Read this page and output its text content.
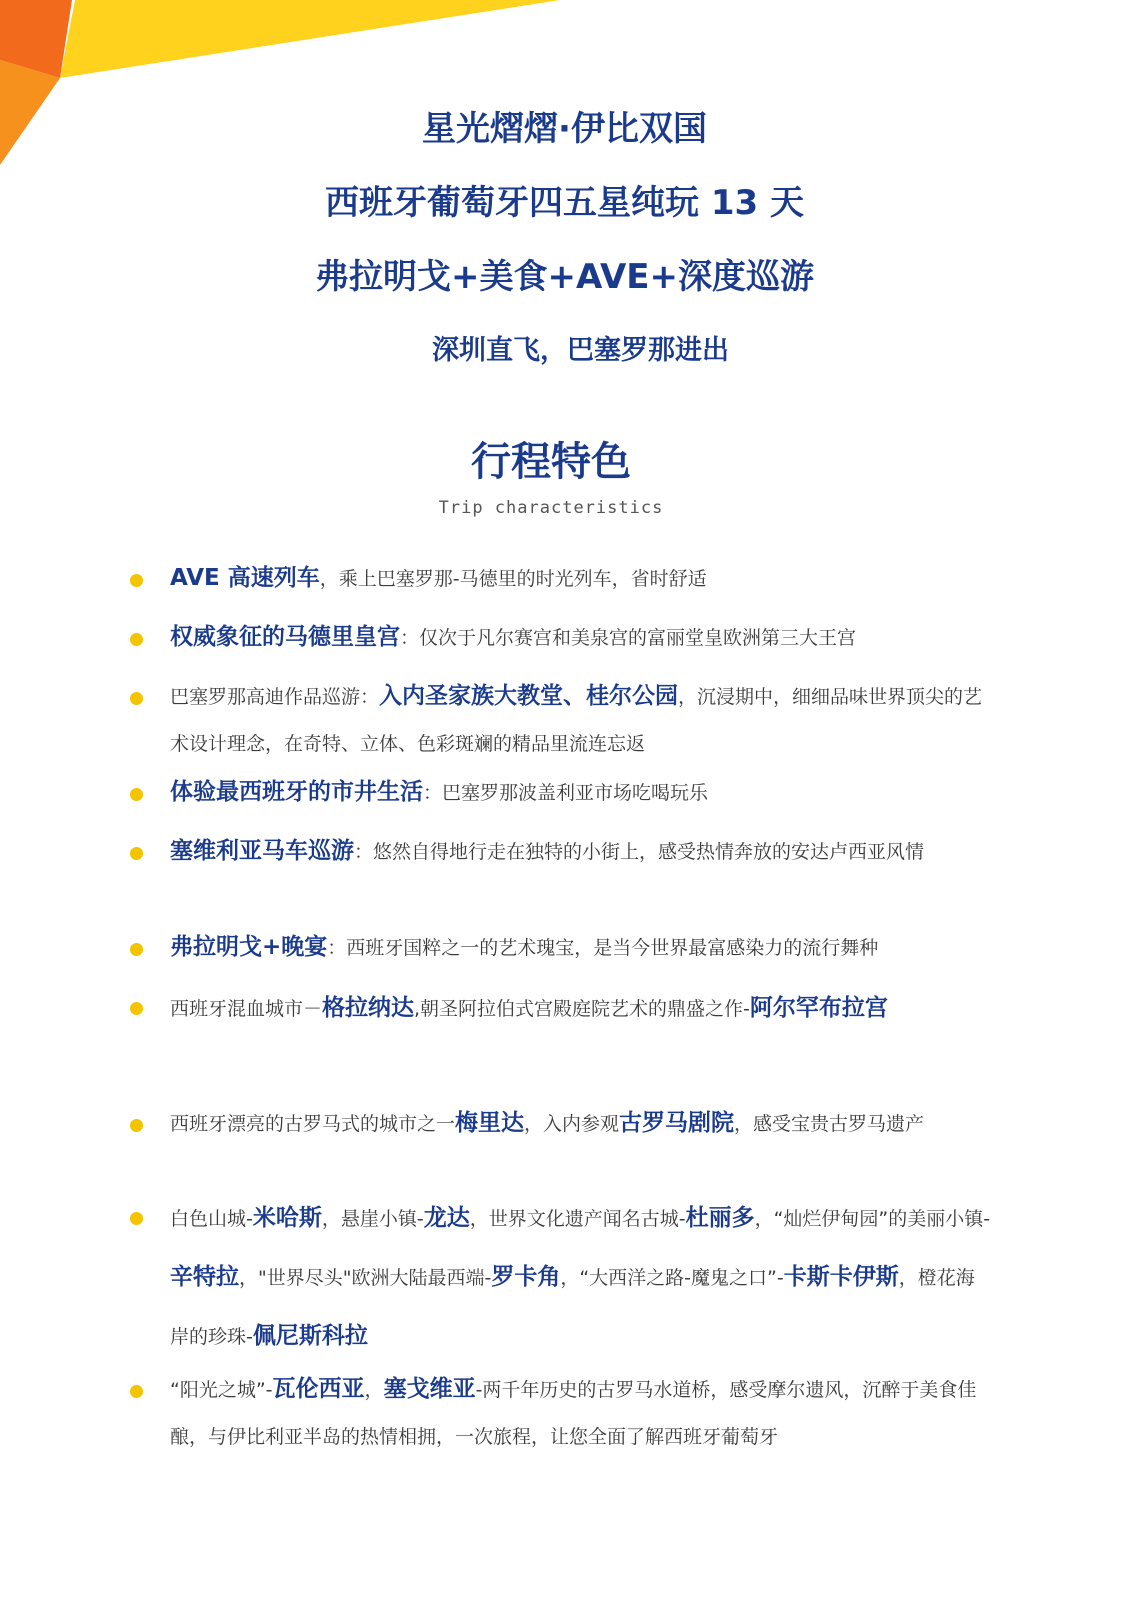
星光熠熠·伊比双国

西班牙葡萄牙四五星纯玩 13 天

弗拉明戈+美食+AVE+深度巡游

深圳直飞，巴塞罗那进出

行程特色

Trip characteristics

AVE 高速列车，乘上巴塞罗那-马德里的时光列车，省时舒适

权威象征的马德里皇宫：仅次于凡尔赛宫和美泉宫的富丽堂皇欧洲第三大王宫

巴塞罗那高迪作品巡游：入内圣家族大教堂、桂尔公园，沉浸期中，细细品味世界顶尖的艺术设计理念，在奇特、立体、色彩斑斓的精品里流连忘返

体验最西班牙的市井生活：巴塞罗那波盖利亚市场吃喝玩乐

塞维利亚马车巡游：悠然自得地行走在独特的小街上，感受热情奔放的安达卢西亚风情

弗拉明戈+晚宴：西班牙国粹之一的艺术瑰宝，是当今世界最富感染力的流行舞种

西班牙混血城市－格拉纳达,朝圣阿拉伯式宫殿庭院艺术的鼎盛之作-阿尔罕布拉宫

西班牙漂亮的古罗马式的城市之一梅里达，入内参观古罗马剧院，感受宝贵古罗马遗产

白色山城-米哈斯，悬崖小镇-龙达，世界文化遗产闻名古城-杜丽多，“灿烂伊甸园”的美丽小镇-辛特拉，"世界尽头"欧洲大陆最西端-罗卡角，“大西洋之路-魔鬼之口”-卡斯卡伊斯，橙花海岸的珍珠-佩尼斯科拉

“阳光之城”-瓦伦西亚，塞戈维亚-两千年历史的古罗马水道桥，感受摩尔遗风，沉醉于美食佳酿，与伊比利亚半岛的热情相拥，一次旅程，让您全面了解西班牙葡萄牙
